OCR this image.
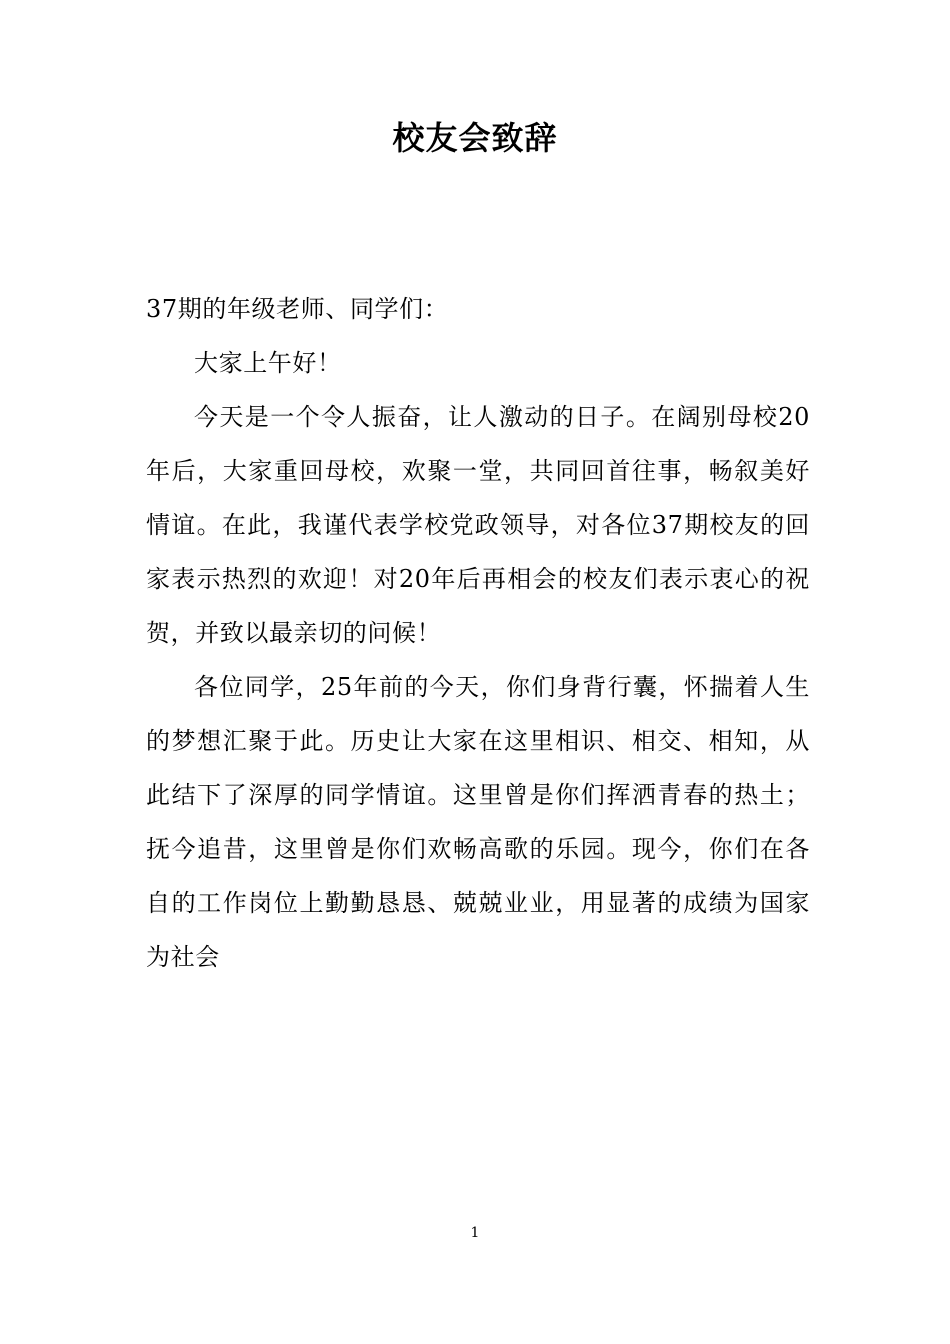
校友会致辞

37期的年级老师、同学们：

大家上午好！

今天是一个令人振奋，让人激动的日子。在阔别母校20年后，大家重回母校，欢聚一堂，共同回首往事，畅叙美好情谊。在此，我谨代表学校党政领导，对各位37期校友的回家表示热烈的欢迎！对20年后再相会的校友们表示衷心的祝贺，并致以最亲切的问候！

各位同学，25年前的今天，你们身背行囊，怀揣着人生的梦想汇聚于此。历史让大家在这里相识、相交、相知，从此结下了深厚的同学情谊。这里曾是你们挥洒青春的热土；抚今追昔，这里曾是你们欢畅高歌的乐园。现今，你们在各自的工作岗位上勤勤恳恳、兢兢业业，用显著的成绩为国家为社会

1
